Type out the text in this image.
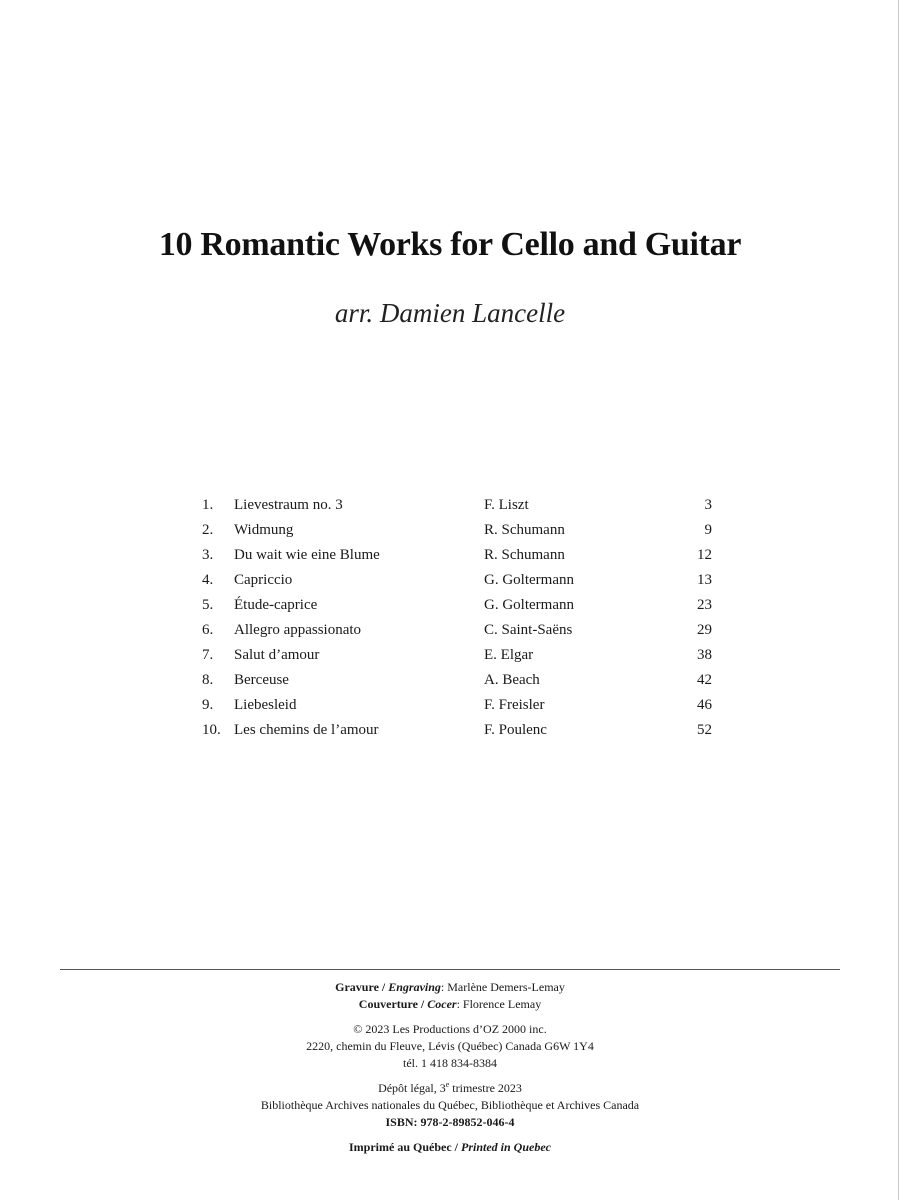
10 Romantic Works for Cello and Guitar
arr. Damien Lancelle
1. Lievestraum no. 3	F. Liszt	3
2. Widmung	R. Schumann	9
3. Du wait wie eine Blume	R. Schumann	12
4. Capriccio	G. Goltermann	13
5. Étude-caprice	G. Goltermann	23
6. Allegro appassionato	C. Saint-Saëns	29
7. Salut d’amour	E. Elgar	38
8. Berceuse	A. Beach	42
9. Liebesleid	F. Freisler	46
10. Les chemins de l’amour	F. Poulenc	52
Gravure / Engraving: Marlène Demers-Lemay
Couverture / Cocer: Florence Lemay
© 2023 Les Productions d’OZ 2000 inc.
2220, chemin du Fleuve, Lévis (Québec) Canada G6W 1Y4
tél. 1 418 834-8384
Dépôt légal, 3e trimestre 2023
Bibliothèque Archives nationales du Québec, Bibliothèque et Archives Canada
ISBN: 978-2-89852-046-4
Imprimé au Québec / Printed in Quebec
